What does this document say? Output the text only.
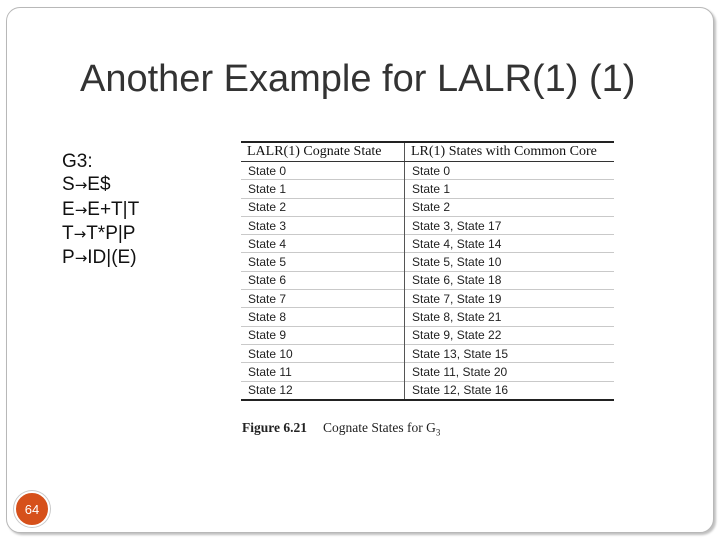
Another Example for LALR(1) (1)
G3:
S→E$
E→E+T|T
T→T*P|P
P→ID|(E)
LALR(1) Cognate State	LR(1) States with Common Core
State 0	State 0
State 1	State 1
State 2	State 2
State 3	State 3, State 17
State 4	State 4, State 14
State 5	State 5, State 10
State 6	State 6, State 18
State 7	State 7, State 19
State 8	State 8, State 21
State 9	State 9, State 22
State 10	State 13, State 15
State 11	State 11, State 20
State 12	State 12, State 16
Figure 6.21 Cognate States for $G_3$
64
